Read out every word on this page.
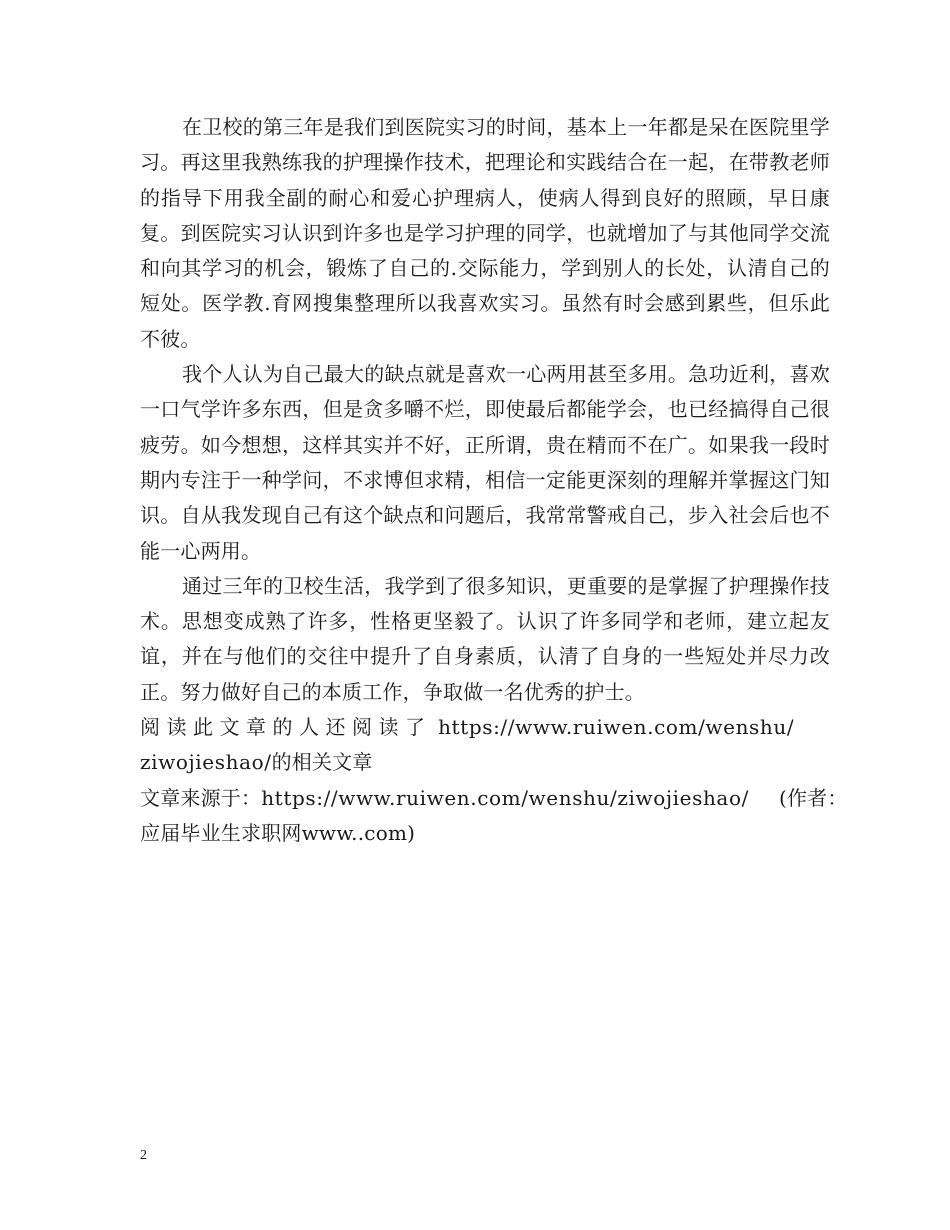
在卫校的第三年是我们到医院实习的时间，基本上一年都是呆在医院里学习。再这里我熟练我的护理操作技术，把理论和实践结合在一起，在带教老师的指导下用我全副的耐心和爱心护理病人，使病人得到良好的照顾，早日康复。到医院实习认识到许多也是学习护理的同学，也就增加了与其他同学交流和向其学习的机会，锻炼了自己的.交际能力，学到别人的长处，认清自己的短处。医学教.育网搜集整理所以我喜欢实习。虽然有时会感到累些，但乐此不彼。

我个人认为自己最大的缺点就是喜欢一心两用甚至多用。急功近利，喜欢一口气学许多东西，但是贪多嚼不烂，即使最后都能学会，也已经搞得自己很疲劳。如今想想，这样其实并不好，正所谓，贵在精而不在广。如果我一段时期内专注于一种学问，不求博但求精，相信一定能更深刻的理解并掌握这门知识。自从我发现自己有这个缺点和问题后，我常常警戒自己，步入社会后也不能一心两用。

通过三年的卫校生活，我学到了很多知识，更重要的是掌握了护理操作技术。思想变成熟了许多，性格更坚毅了。认识了许多同学和老师，建立起友谊，并在与他们的交往中提升了自身素质，认清了自身的一些短处并尽力改正。努力做好自己的本质工作，争取做一名优秀的护士。

阅读此文章的人还阅读了 https://www.ruiwen.com/wenshu/
ziwojieshao/的相关文章
文章来源于：https://www.ruiwen.com/wenshu/ziwojieshao/ (作者：
应届毕业生求职网www..com)
2
